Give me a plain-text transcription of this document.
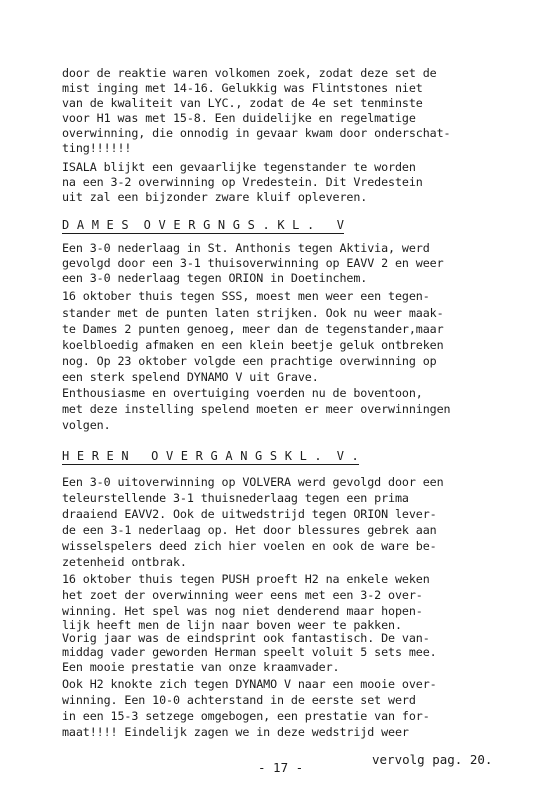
door de reaktie waren volkomen zoek, zodat deze set de
mist inging met 14-16. Gelukkig was Flintstones niet
van de kwaliteit van LYC., zodat de 4e set tenminste
voor H1 was met 15-8. Een duidelijke en regelmatige
overwinning, die onnodig in gevaar kwam door onderschat-
ting!!!!!!
ISALA blijkt een gevaarlijke tegenstander te worden
na een 3-2 overwinning op Vredestein. Dit Vredestein
uit zal een bijzonder zware kluif opleveren.
D A M E S  O V E R G N G S . K L .   V
Een 3-0 nederlaag in St. Anthonis tegen Aktivia, werd
gevolgd door een 3-1 thuisoverwinning op EAVV 2 en weer
een 3-0 nederlaag tegen ORION in Doetinchem.
16 oktober thuis tegen SSS, moest men weer een tegen-
stander met de punten laten strijken. Ook nu weer maak-
te Dames 2 punten genoeg, meer dan de tegenstander,maar
koelbloedig afmaken en een klein beetje geluk ontbreken
nog. Op 23 oktober volgde een prachtige overwinning op
een sterk spelend DYNAMO V uit Grave.
Enthousiasme en overtuiging voerden nu de boventoon,
met deze instelling spelend moeten er meer overwinningen
volgen.
H E R E N   O V E R G A N G S K L .  V .
Een 3-0 uitoverwinning op VOLVERA werd gevolgd door een
teleurstellende 3-1 thuisnederlaag tegen een prima
draaiend EAVV2. Ook de uitwedstrijd tegen ORION lever-
de een 3-1 nederlaag op. Het door blessures gebrek aan
wisselspelers deed zich hier voelen en ook de ware be-
zetenheid ontbrak.
16 oktober thuis tegen PUSH proeft H2 na enkele weken
het zoet der overwinning weer eens met een 3-2 over-
winning. Het spel was nog niet denderend maar hopen-
lijk heeft men de lijn naar boven weer te pakken.
Vorig jaar was de eindsprint ook fantastisch. De van-
middag vader geworden Herman speelt voluit 5 sets mee.
Een mooie prestatie van onze kraamvader.
Ook H2 knokte zich tegen DYNAMO V naar een mooie over-
winning. Een 10-0 achterstand in de eerste set werd
in een 15-3 setzege omgebogen, een prestatie van for-
maat!!!! Eindelijk zagen we in deze wedstrijd weer
- 17 -
vervolg pag. 20.
